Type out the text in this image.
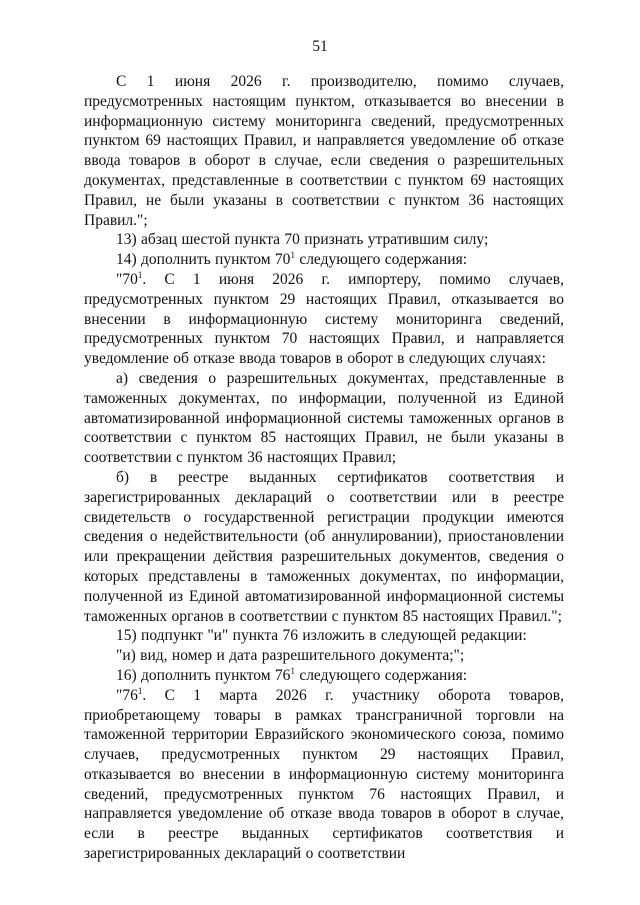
51

С 1 июня 2026 г. производителю, помимо случаев, предусмотренных настоящим пунктом, отказывается во внесении в информационную систему мониторинга сведений, предусмотренных пунктом 69 настоящих Правил, и направляется уведомление об отказе ввода товаров в оборот в случае, если сведения о разрешительных документах, представленные в соответствии с пунктом 69 настоящих Правил, не были указаны в соответствии с пунктом 36 настоящих Правил.";

13) абзац шестой пункта 70 признать утратившим силу;

14) дополнить пунктом $70^1$ следующего содержания:

"$70^1$. С 1 июня 2026 г. импортеру, помимо случаев, предусмотренных пунктом 29 настоящих Правил, отказывается во внесении в информационную систему мониторинга сведений, предусмотренных пунктом 70 настоящих Правил, и направляется уведомление об отказе ввода товаров в оборот в следующих случаях:

а) сведения о разрешительных документах, представленные в таможенных документах, по информации, полученной из Единой автоматизированной информационной системы таможенных органов в соответствии с пунктом 85 настоящих Правил, не были указаны в соответствии с пунктом 36 настоящих Правил;

б) в реестре выданных сертификатов соответствия и зарегистрированных деклараций о соответствии или в реестре свидетельств о государственной регистрации продукции имеются сведения о недействительности (об аннулировании), приостановлении или прекращении действия разрешительных документов, сведения о которых представлены в таможенных документах, по информации, полученной из Единой автоматизированной информационной системы таможенных органов в соответствии с пунктом 85 настоящих Правил.";

15) подпункт "и" пункта 76 изложить в следующей редакции:

"и) вид, номер и дата разрешительного документа;";

16) дополнить пунктом $76^1$ следующего содержания:

"$76^1$. С 1 марта 2026 г. участнику оборота товаров, приобретающему товары в рамках трансграничной торговли на таможенной территории Евразийского экономического союза, помимо случаев, предусмотренных пунктом 29 настоящих Правил, отказывается во внесении в информационную систему мониторинга сведений, предусмотренных пунктом 76 настоящих Правил, и направляется уведомление об отказе ввода товаров в оборот в случае, если в реестре выданных сертификатов соответствия и зарегистрированных деклараций о соответствии
